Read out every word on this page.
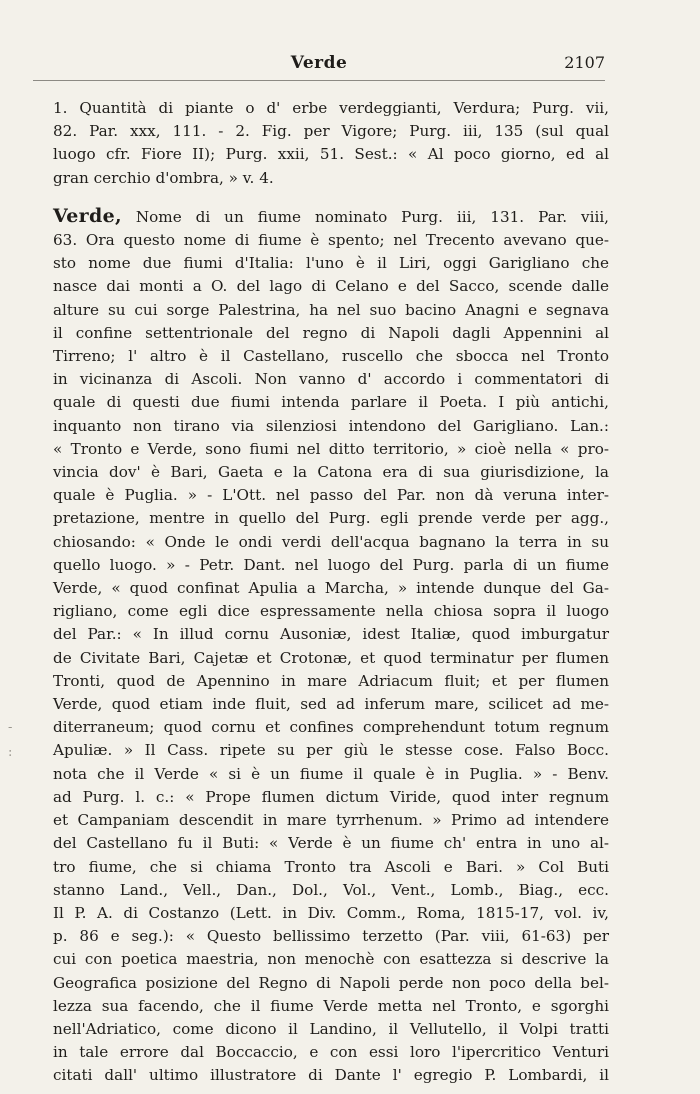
Verde	2107
-
:
1. Quantità di piante o d' erbe verdeggianti, Verdura; Purg. vii,
82. Par. xxx, 111. - 2. Fig. per Vigore; Purg. iii, 135 (sul qual
luogo cfr. Fiore II); Purg. xxii, 51. Sest.: « Al poco giorno, ed al
gran cerchio d'ombra, » v. 4.
Verde, Nome di un fiume nominato Purg. iii, 131. Par. viii,
63. Ora questo nome di fiume è spento; nel Trecento avevano que-
sto nome due fiumi d'Italia: l'uno è il Liri, oggi Garigliano che
nasce dai monti a O. del lago di Celano e del Sacco, scende dalle
alture su cui sorge Palestrina, ha nel suo bacino Anagni e segnava
il confine settentrionale del regno di Napoli dagli Appennini al
Tirreno; l' altro è il Castellano, ruscello che sbocca nel Tronto
in vicinanza di Ascoli. Non vanno d' accordo i commentatori di
quale di questi due fiumi intenda parlare il Poeta. I più antichi,
inquanto non tirano via silenziosi intendono del Garigliano. Lan.:
« Tronto e Verde, sono fiumi nel ditto territorio, » cioè nella « pro-
vincia dov' è Bari, Gaeta e la Catona era di sua giurisdizione, la
quale è Puglia. » - L'Ott. nel passo del Par. non dà veruna inter-
pretazione, mentre in quello del Purg. egli prende verde per agg.,
chiosando: « Onde le ondi verdi dell'acqua bagnano la terra in su
quello luogo. » - Petr. Dant. nel luogo del Purg. parla di un fiume
Verde, « quod confinat Apulia a Marcha, » intende dunque del Ga-
rigliano, come egli dice espressamente nella chiosa sopra il luogo
del Par.: « In illud cornu Ausoniæ, idest Italiæ, quod imburgatur
de Civitate Bari, Cajetæ et Crotonæ, et quod terminatur per flumen
Tronti, quod de Apennino in mare Adriacum fluit; et per flumen
Verde, quod etiam inde fluit, sed ad inferum mare, scilicet ad me-
diterraneum; quod cornu et confines comprehendunt totum regnum
Apuliæ. » Il Cass. ripete su per giù le stesse cose. Falso Bocc.
nota che il Verde « si è un fiume il quale è in Puglia. » - Benv.
ad Purg. l. c.: « Prope flumen dictum Viride, quod inter regnum
et Campaniam descendit in mare tyrrhenum. » Primo ad intendere
del Castellano fu il Buti: « Verde è un fiume ch' entra in uno al-
tro fiume, che si chiama Tronto tra Ascoli e Bari. » Col Buti
stanno Land., Vell., Dan., Dol., Vol., Vent., Lomb., Biag., ecc.
Il P. A. di Costanzo (Lett. in Div. Comm., Roma, 1815-17, vol. iv,
p. 86 e seg.): « Questo bellissimo terzetto (Par. viii, 61-63) per
cui con poetica maestria, non menochè con esattezza si descrive la
Geografica posizione del Regno di Napoli perde non poco della bel-
lezza sua facendo, che il fiume Verde metta nel Tronto, e sgorghi
nell'Adriatico, come dicono il Landino, il Vellutello, il Volpi tratti
in tale errore dal Boccaccio, e con essi loro l'ipercritico Venturi
citati dall' ultimo illustratore di Dante l' egregio P. Lombardi, il
